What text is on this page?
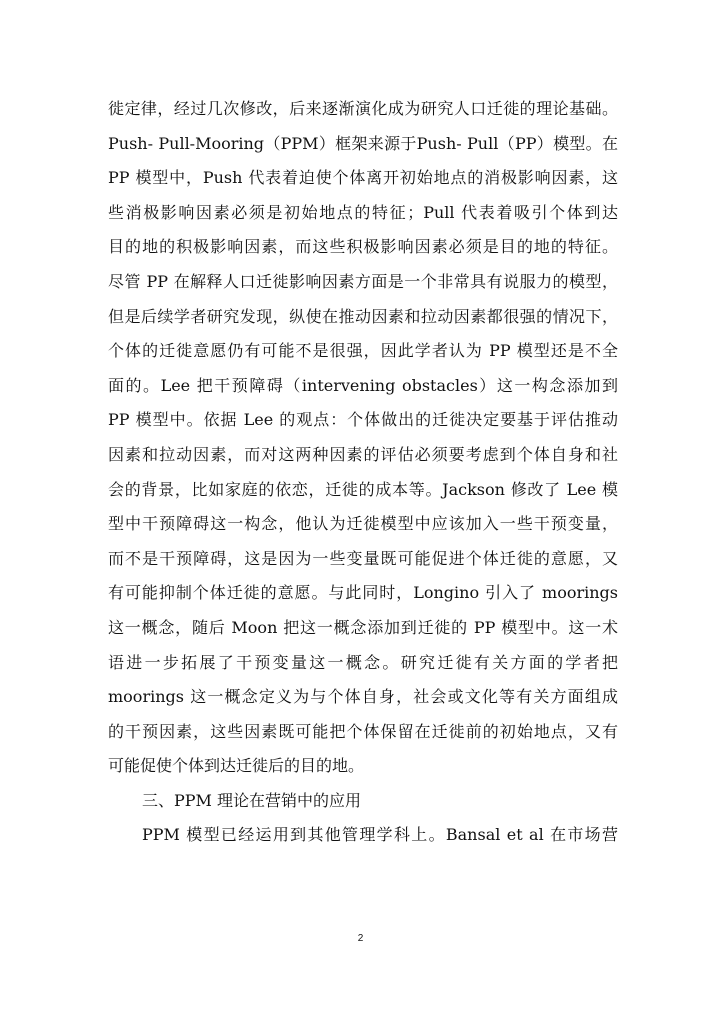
徙定律，经过几次修改，后来逐渐演化成为研究人口迁徙的理论基础。
Push- Pull-Mooring（PPM）框架来源于Push- Pull（PP）模型。在
PP 模型中，Push 代表着迫使个体离开初始地点的消极影响因素，这
些消极影响因素必须是初始地点的特征；Pull 代表着吸引个体到达
目的地的积极影响因素，而这些积极影响因素必须是目的地的特征。
尽管 PP 在解释人口迁徙影响因素方面是一个非常具有说服力的模型，
但是后续学者研究发现，纵使在推动因素和拉动因素都很强的情况下，
个体的迁徙意愿仍有可能不是很强，因此学者认为 PP 模型还是不全
面的。Lee 把干预障碍（intervening obstacles）这一构念添加到
PP 模型中。依据 Lee 的观点：个体做出的迁徙决定要基于评估推动
因素和拉动因素，而对这两种因素的评估必须要考虑到个体自身和社
会的背景，比如家庭的依恋，迁徙的成本等。Jackson 修改了 Lee 模
型中干预障碍这一构念，他认为迁徙模型中应该加入一些干预变量，
而不是干预障碍，这是因为一些变量既可能促进个体迁徙的意愿，又
有可能抑制个体迁徙的意愿。与此同时，Longino 引入了 moorings
这一概念，随后 Moon 把这一概念添加到迁徙的 PP 模型中。这一术
语进一步拓展了干预变量这一概念。研究迁徙有关方面的学者把
moorings 这一概念定义为与个体自身，社会或文化等有关方面组成
的干预因素，这些因素既可能把个体保留在迁徙前的初始地点，又有
可能促使个体到达迁徙后的目的地。
三、PPM 理论在营销中的应用
PPM 模型已经运用到其他管理学科上。Bansal et al 在市场营
2
